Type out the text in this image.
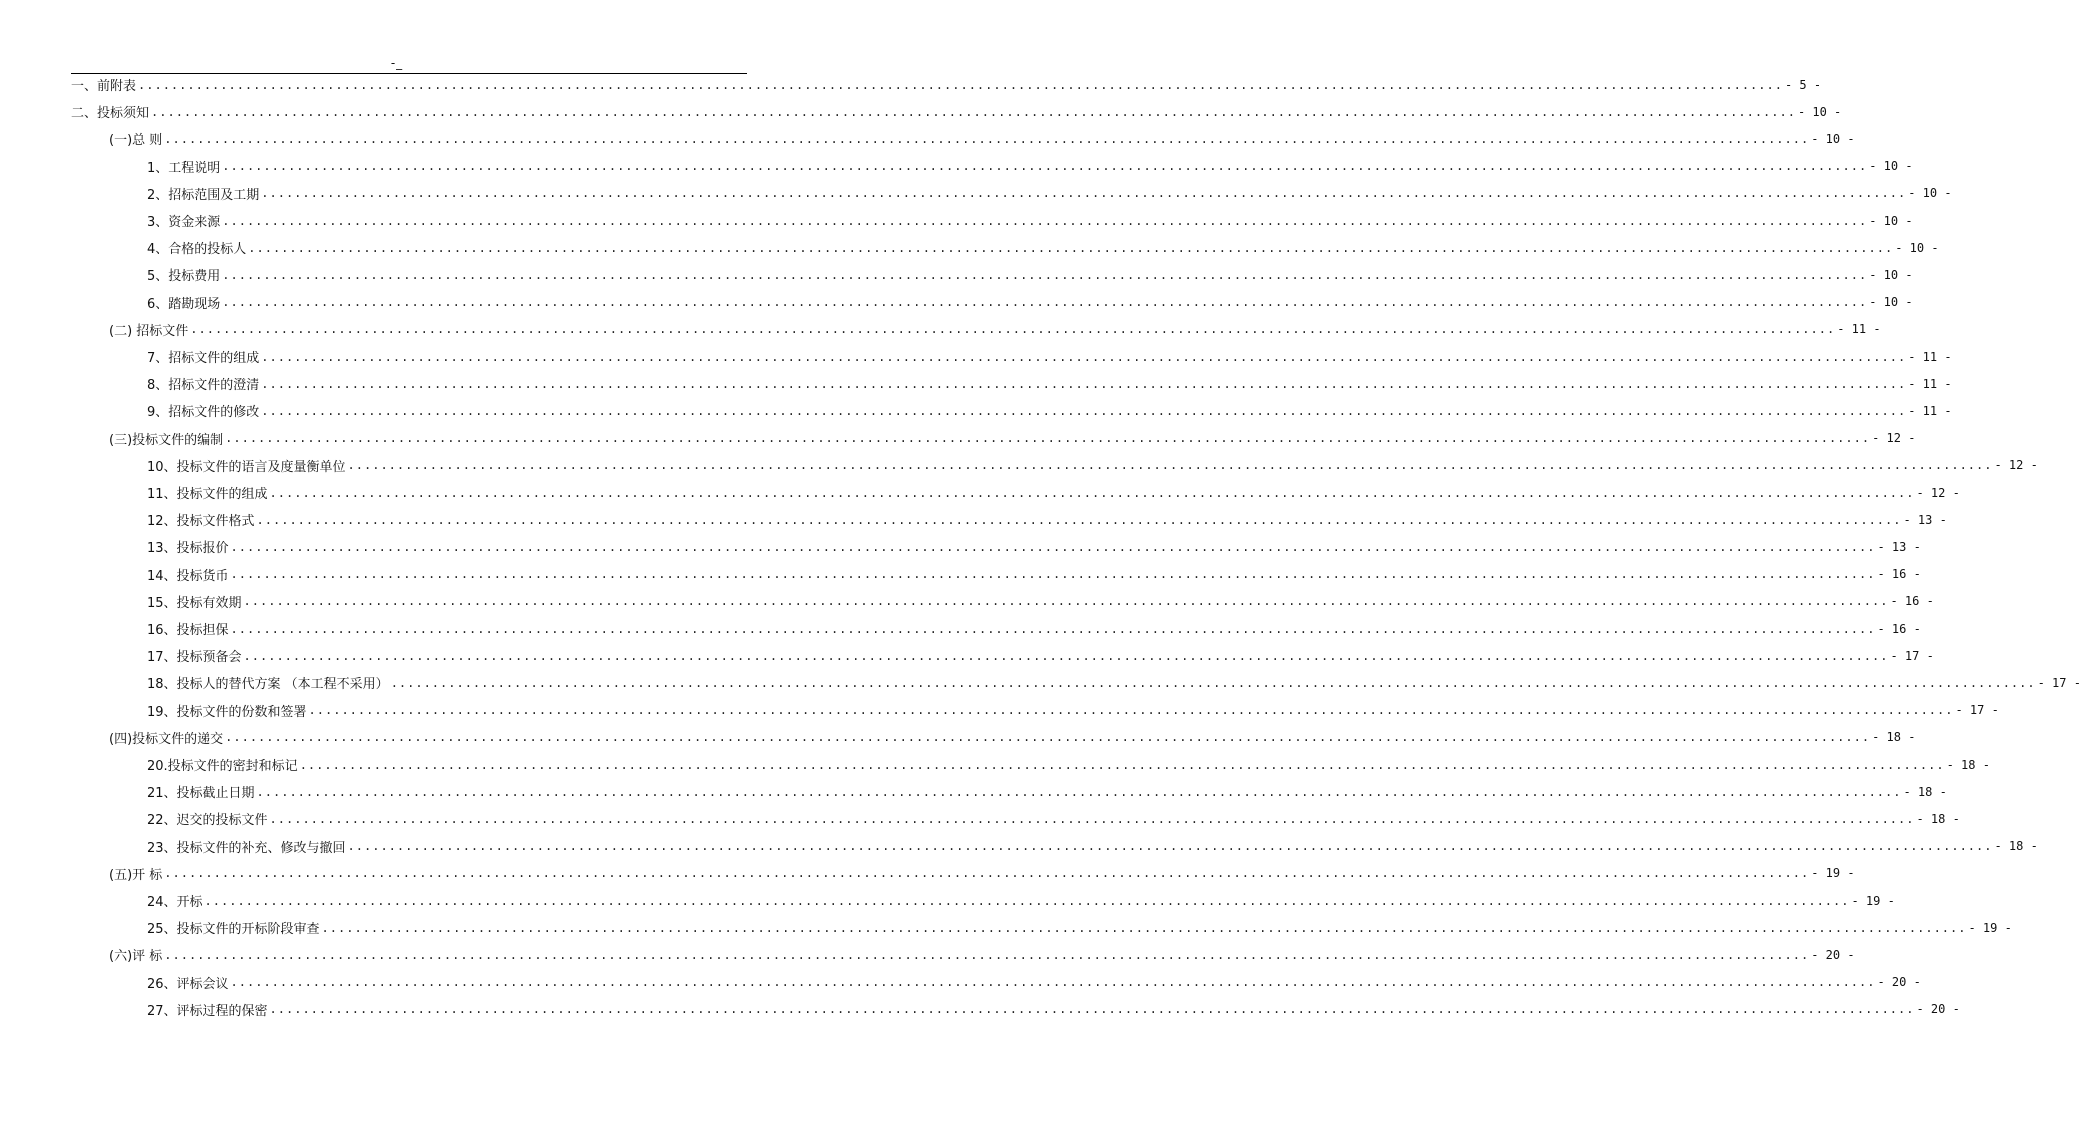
-_
一、前附表 ........................................................................................................................................................................................................ - 5 -
二、投标须知 ........................................................................................................................................................................................................ - 10 -
(一)总 则 ........................................................................................................................................................................................................ - 10 -
1、工程说明 ........................................................................................................................................................................................................ - 10 -
2、招标范围及工期 ........................................................................................................................................................................................................ - 10 -
3、资金来源 ........................................................................................................................................................................................................ - 10 -
4、合格的投标人 ........................................................................................................................................................................................................ - 10 -
5、投标费用 ........................................................................................................................................................................................................ - 10 -
6、踏勘现场 ........................................................................................................................................................................................................ - 10 -
(二) 招标文件 ........................................................................................................................................................................................................ - 11 -
7、招标文件的组成 ........................................................................................................................................................................................................ - 11 -
8、招标文件的澄清 ........................................................................................................................................................................................................ - 11 -
9、招标文件的修改 ........................................................................................................................................................................................................ - 11 -
(三)投标文件的编制 ........................................................................................................................................................................................................ - 12 -
10、投标文件的语言及度量衡单位 ........................................................................................................................................................................................................ - 12 -
11、投标文件的组成 ........................................................................................................................................................................................................ - 12 -
12、投标文件格式 ........................................................................................................................................................................................................ - 13 -
13、投标报价 ........................................................................................................................................................................................................ - 13 -
14、投标货币 ........................................................................................................................................................................................................ - 16 -
15、投标有效期 ........................................................................................................................................................................................................ - 16 -
16、投标担保 ........................................................................................................................................................................................................ - 16 -
17、投标预备会 ........................................................................................................................................................................................................ - 17 -
18、投标人的替代方案 （本工程不采用） ........................................................................................................................................................................................................ - 17 -
19、投标文件的份数和签署 ........................................................................................................................................................................................................ - 17 -
(四)投标文件的递交 ........................................................................................................................................................................................................ - 18 -
20.投标文件的密封和标记 ........................................................................................................................................................................................................ - 18 -
21、投标截止日期 ........................................................................................................................................................................................................ - 18 -
22、迟交的投标文件 ........................................................................................................................................................................................................ - 18 -
23、投标文件的补充、修改与撤回 ........................................................................................................................................................................................................ - 18 -
(五)开 标 ........................................................................................................................................................................................................ - 19 -
24、开标 ........................................................................................................................................................................................................ - 19 -
25、投标文件的开标阶段审查 ........................................................................................................................................................................................................ - 19 -
(六)评 标 ........................................................................................................................................................................................................ - 20 -
26、评标会议 ........................................................................................................................................................................................................ - 20 -
27、评标过程的保密 ........................................................................................................................................................................................................ - 20 -
